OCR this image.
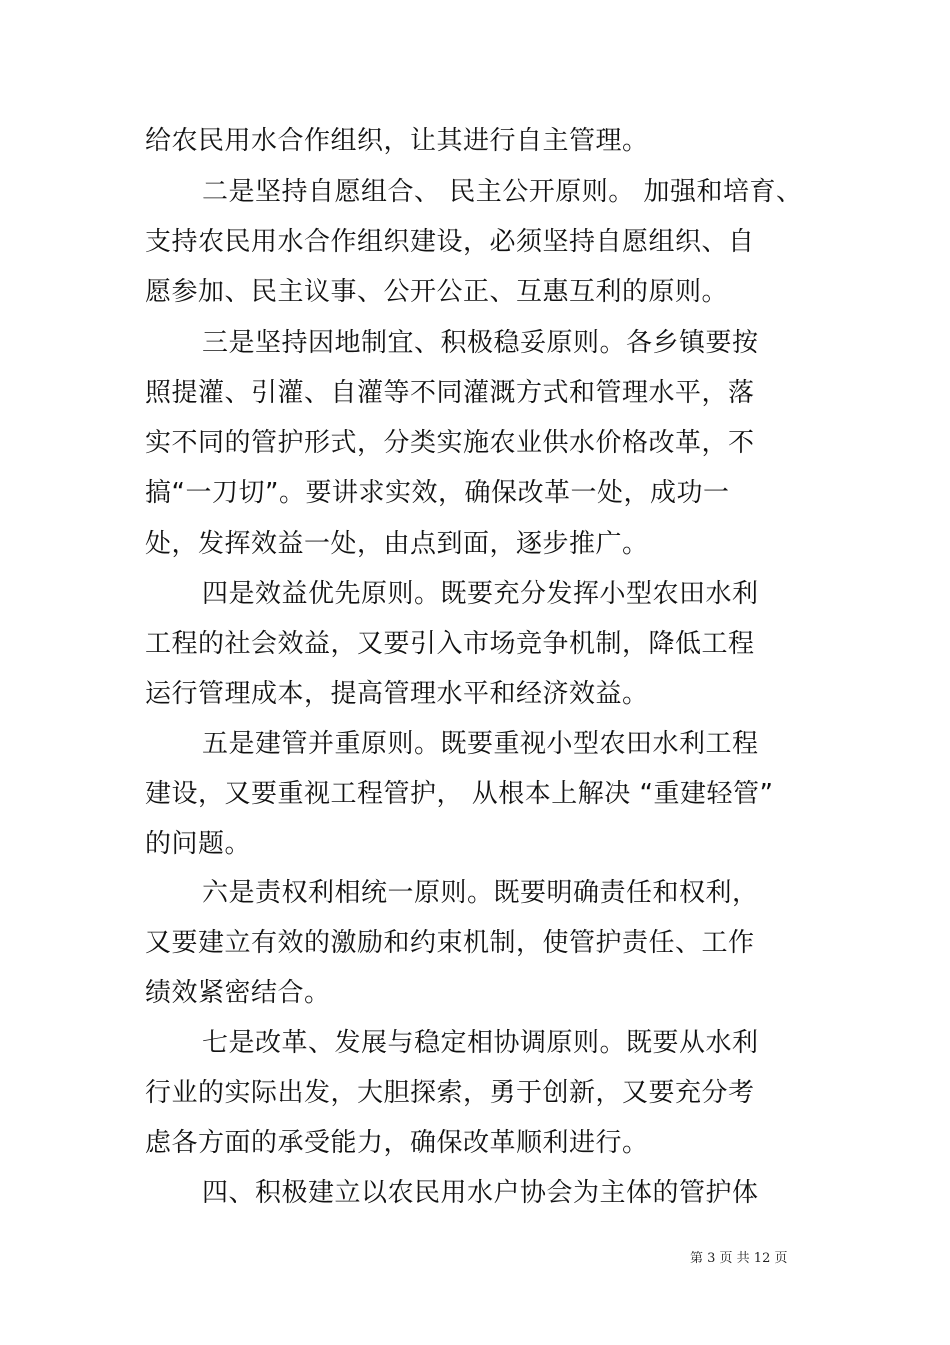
给农民用水合作组织，让其进行自主管理。
二是坚持自愿组合、 民主公开原则。 加强和培育、
支持农民用水合作组织建设，必须坚持自愿组织、自
愿参加、民主议事、公开公正、互惠互利的原则。
三是坚持因地制宜、积极稳妥原则。各乡镇要按
照提灌、引灌、自灌等不同灌溉方式和管理水平，落
实不同的管护形式，分类实施农业供水价格改革，不
搞“一刀切”。要讲求实效，确保改革一处，成功一
处，发挥效益一处，由点到面，逐步推广。
四是效益优先原则。既要充分发挥小型农田水利
工程的社会效益，又要引入市场竞争机制，降低工程
运行管理成本，提高管理水平和经济效益。
五是建管并重原则。既要重视小型农田水利工程
建设，又要重视工程管护， 从根本上解决 “重建轻管”
的问题。
六是责权利相统一原则。既要明确责任和权利，
又要建立有效的激励和约束机制，使管护责任、工作
绩效紧密结合。
七是改革、发展与稳定相协调原则。既要从水利
行业的实际出发，大胆探索，勇于创新，又要充分考
虑各方面的承受能力，确保改革顺利进行。
四、积极建立以农民用水户协会为主体的管护体
第 3 页 共 12 页
